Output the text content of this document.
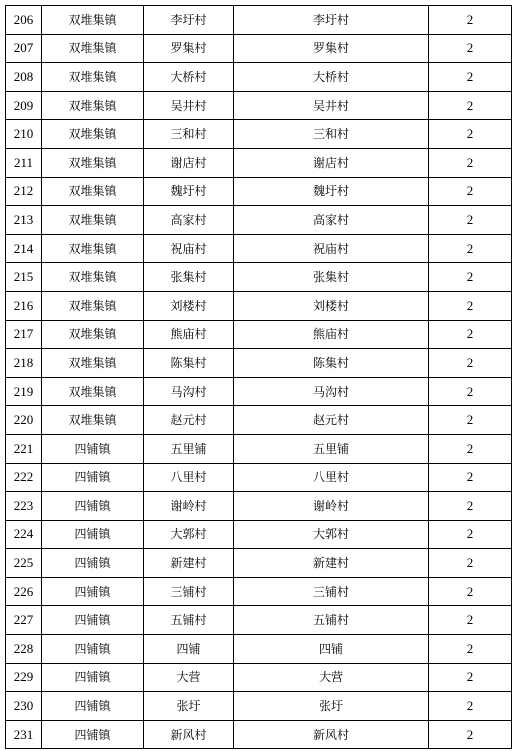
206	双堆集镇	李圩村	李圩村	2
207	双堆集镇	罗集村	罗集村	2
208	双堆集镇	大桥村	大桥村	2
209	双堆集镇	吴井村	吴井村	2
210	双堆集镇	三和村	三和村	2
211	双堆集镇	谢店村	谢店村	2
212	双堆集镇	魏圩村	魏圩村	2
213	双堆集镇	高家村	高家村	2
214	双堆集镇	祝庙村	祝庙村	2
215	双堆集镇	张集村	张集村	2
216	双堆集镇	刘楼村	刘楼村	2
217	双堆集镇	熊庙村	熊庙村	2
218	双堆集镇	陈集村	陈集村	2
219	双堆集镇	马沟村	马沟村	2
220	双堆集镇	赵元村	赵元村	2
221	四铺镇	五里铺	五里铺	2
222	四铺镇	八里村	八里村	2
223	四铺镇	谢岭村	谢岭村	2
224	四铺镇	大郭村	大郭村	2
225	四铺镇	新建村	新建村	2
226	四铺镇	三铺村	三铺村	2
227	四铺镇	五铺村	五铺村	2
228	四铺镇	四铺	四铺	2
229	四铺镇	大营	大营	2
230	四铺镇	张圩	张圩	2
231	四铺镇	新风村	新风村	2
